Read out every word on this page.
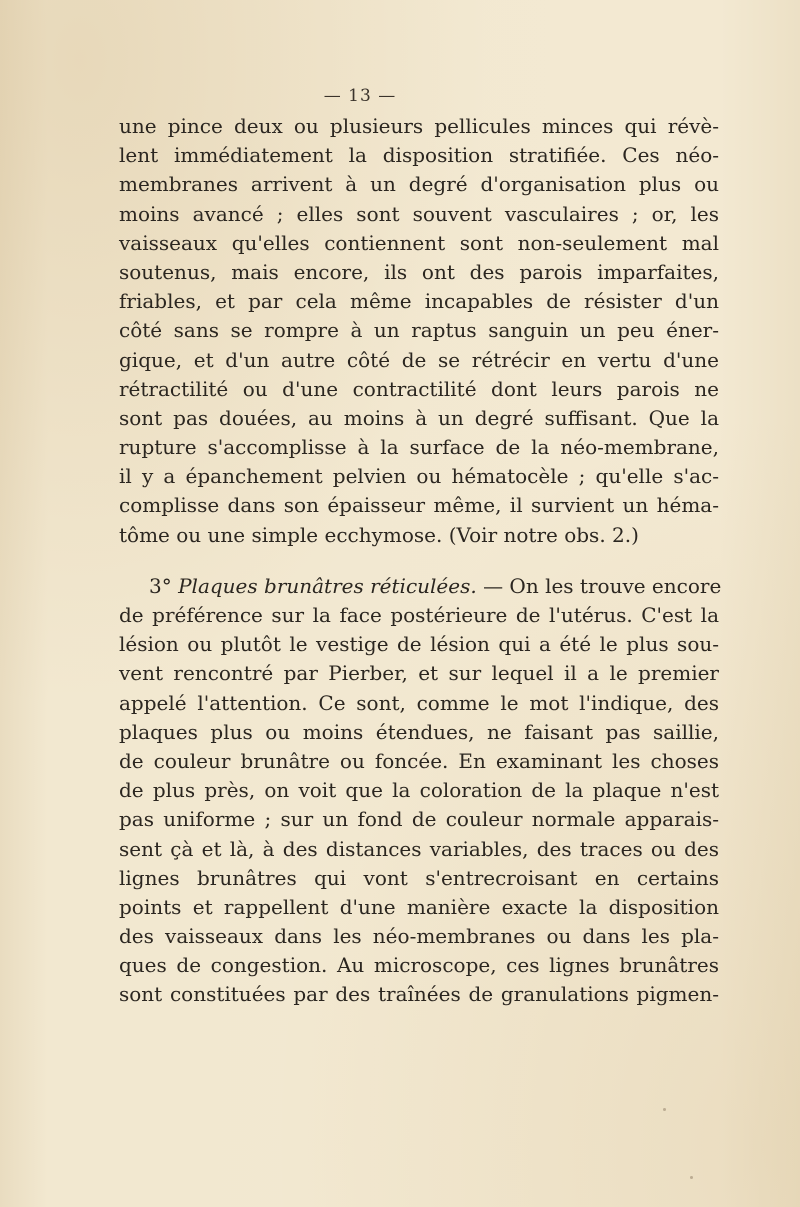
— 13 —
une pince deux ou plusieurs pellicules minces qui révè-
lent immédiatement la disposition stratifiée. Ces néo-
membranes arrivent à un degré d'organisation plus ou
moins avancé ; elles sont souvent vasculaires ; or, les
vaisseaux qu'elles contiennent sont non-seulement mal
soutenus, mais encore, ils ont des parois imparfaites,
friables, et par cela même incapables de résister d'un
côté sans se rompre à un raptus sanguin un peu éner-
gique, et d'un autre côté de se rétrécir en vertu d'une
rétractilité ou d'une contractilité dont leurs parois ne
sont pas douées, au moins à un degré suffisant. Que la
rupture s'accomplisse à la surface de la néo-membrane,
il y a épanchement pelvien ou hématocèle ; qu'elle s'ac-
complisse dans son épaisseur même, il survient un héma-
tôme ou une simple ecchymose. (Voir notre obs. 2.)
3° Plaques brunâtres réticulées. — On les trouve encore
de préférence sur la face postérieure de l'utérus. C'est la
lésion ou plutôt le vestige de lésion qui a été le plus sou-
vent rencontré par Pierber, et sur lequel il a le premier
appelé l'attention. Ce sont, comme le mot l'indique, des
plaques plus ou moins étendues, ne faisant pas saillie,
de couleur brunâtre ou foncée. En examinant les choses
de plus près, on voit que la coloration de la plaque n'est
pas uniforme ; sur un fond de couleur normale apparais-
sent çà et là, à des distances variables, des traces ou des
lignes brunâtres qui vont s'entrecroisant en certains
points et rappellent d'une manière exacte la disposition
des vaisseaux dans les néo-membranes ou dans les pla-
ques de congestion. Au microscope, ces lignes brunâtres
sont constituées par des traînées de granulations pigmen-
